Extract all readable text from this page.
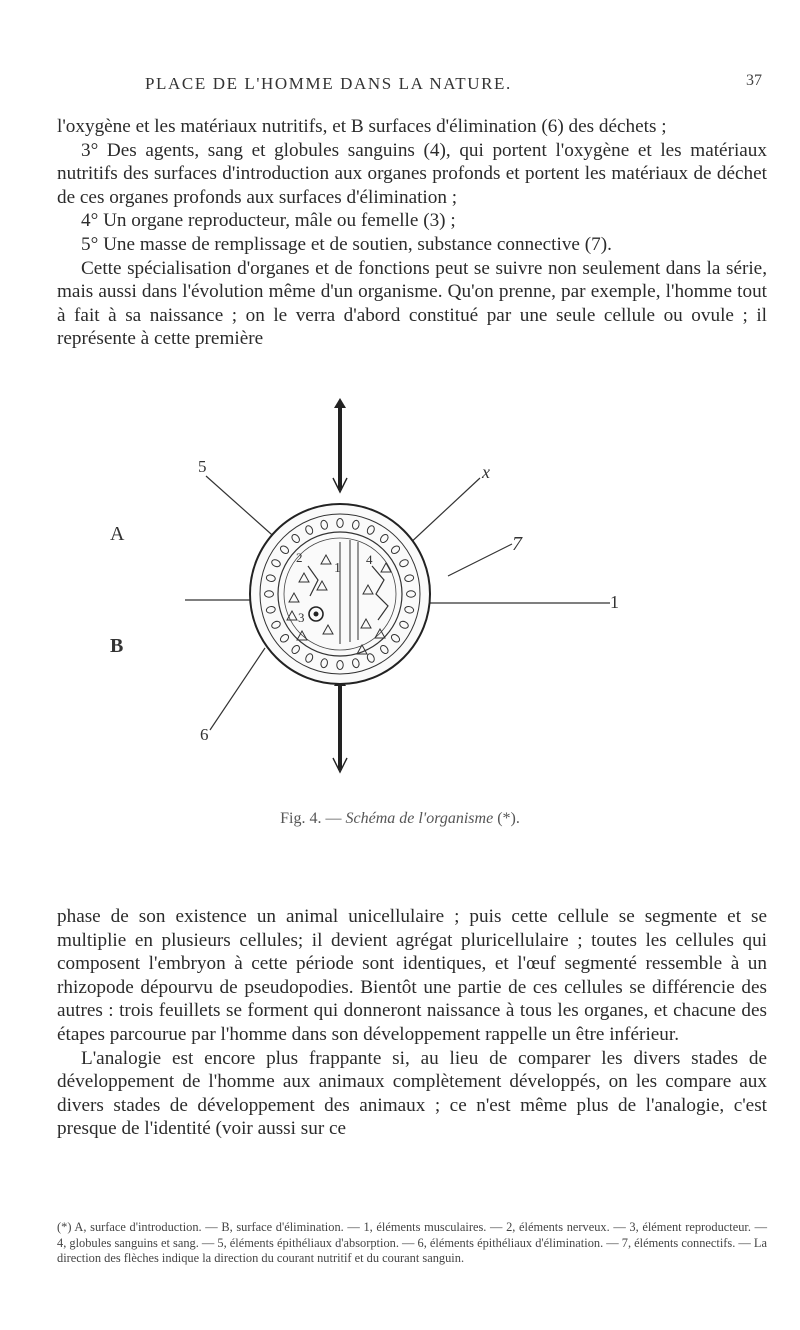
PLACE DE L'HOMME DANS LA NATURE.	37

l'oxygène et les matériaux nutritifs, et B surfaces d'élimination (6) des déchets ;

3° Des agents, sang et globules sanguins (4), qui portent l'oxygène et les matériaux nutritifs des surfaces d'introduction aux organes profonds et portent les matériaux de déchet de ces organes profonds aux surfaces d'élimination ;

4° Un organe reproducteur, mâle ou femelle (3) ;

5° Une masse de remplissage et de soutien, substance connective (7).

Cette spécialisation d'organes et de fonctions peut se suivre non seulement dans la série, mais aussi dans l'évolution même d'un organisme. Qu'on prenne, par exemple, l'homme tout à fait à sa naissance ; on le verra d'abord constitué par une seule cellule ou ovule ; il représente à cette première

A
B
5	x
7
1
6
1
2
3
4
Fig. 4. — Schéma de l'organisme (*).

phase de son existence un animal unicellulaire ; puis cette cellule se segmente et se multiplie en plusieurs cellules; il devient agrégat pluricellulaire ; toutes les cellules qui composent l'embryon à cette période sont identiques, et l'œuf segmenté ressemble à un rhizopode dépourvu de pseudopodies. Bientôt une partie de ces cellules se différencie des autres : trois feuillets se forment qui donneront naissance à tous les organes, et chacune des étapes parcourue par l'homme dans son développement rappelle un être inférieur.

L'analogie est encore plus frappante si, au lieu de comparer les divers stades de développement de l'homme aux animaux complètement développés, on les compare aux divers stades de développement des animaux ; ce n'est même plus de l'analogie, c'est presque de l'identité (voir aussi sur ce

(*) A, surface d'introduction. — B, surface d'élimination. — 1, éléments musculaires. — 2, éléments nerveux. — 3, élément reproducteur. — 4, globules sanguins et sang. — 5, éléments épithéliaux d'absorption. — 6, éléments épithéliaux d'élimination. — 7, éléments connectifs. — La direction des flèches indique la direction du courant nutritif et du courant sanguin.
